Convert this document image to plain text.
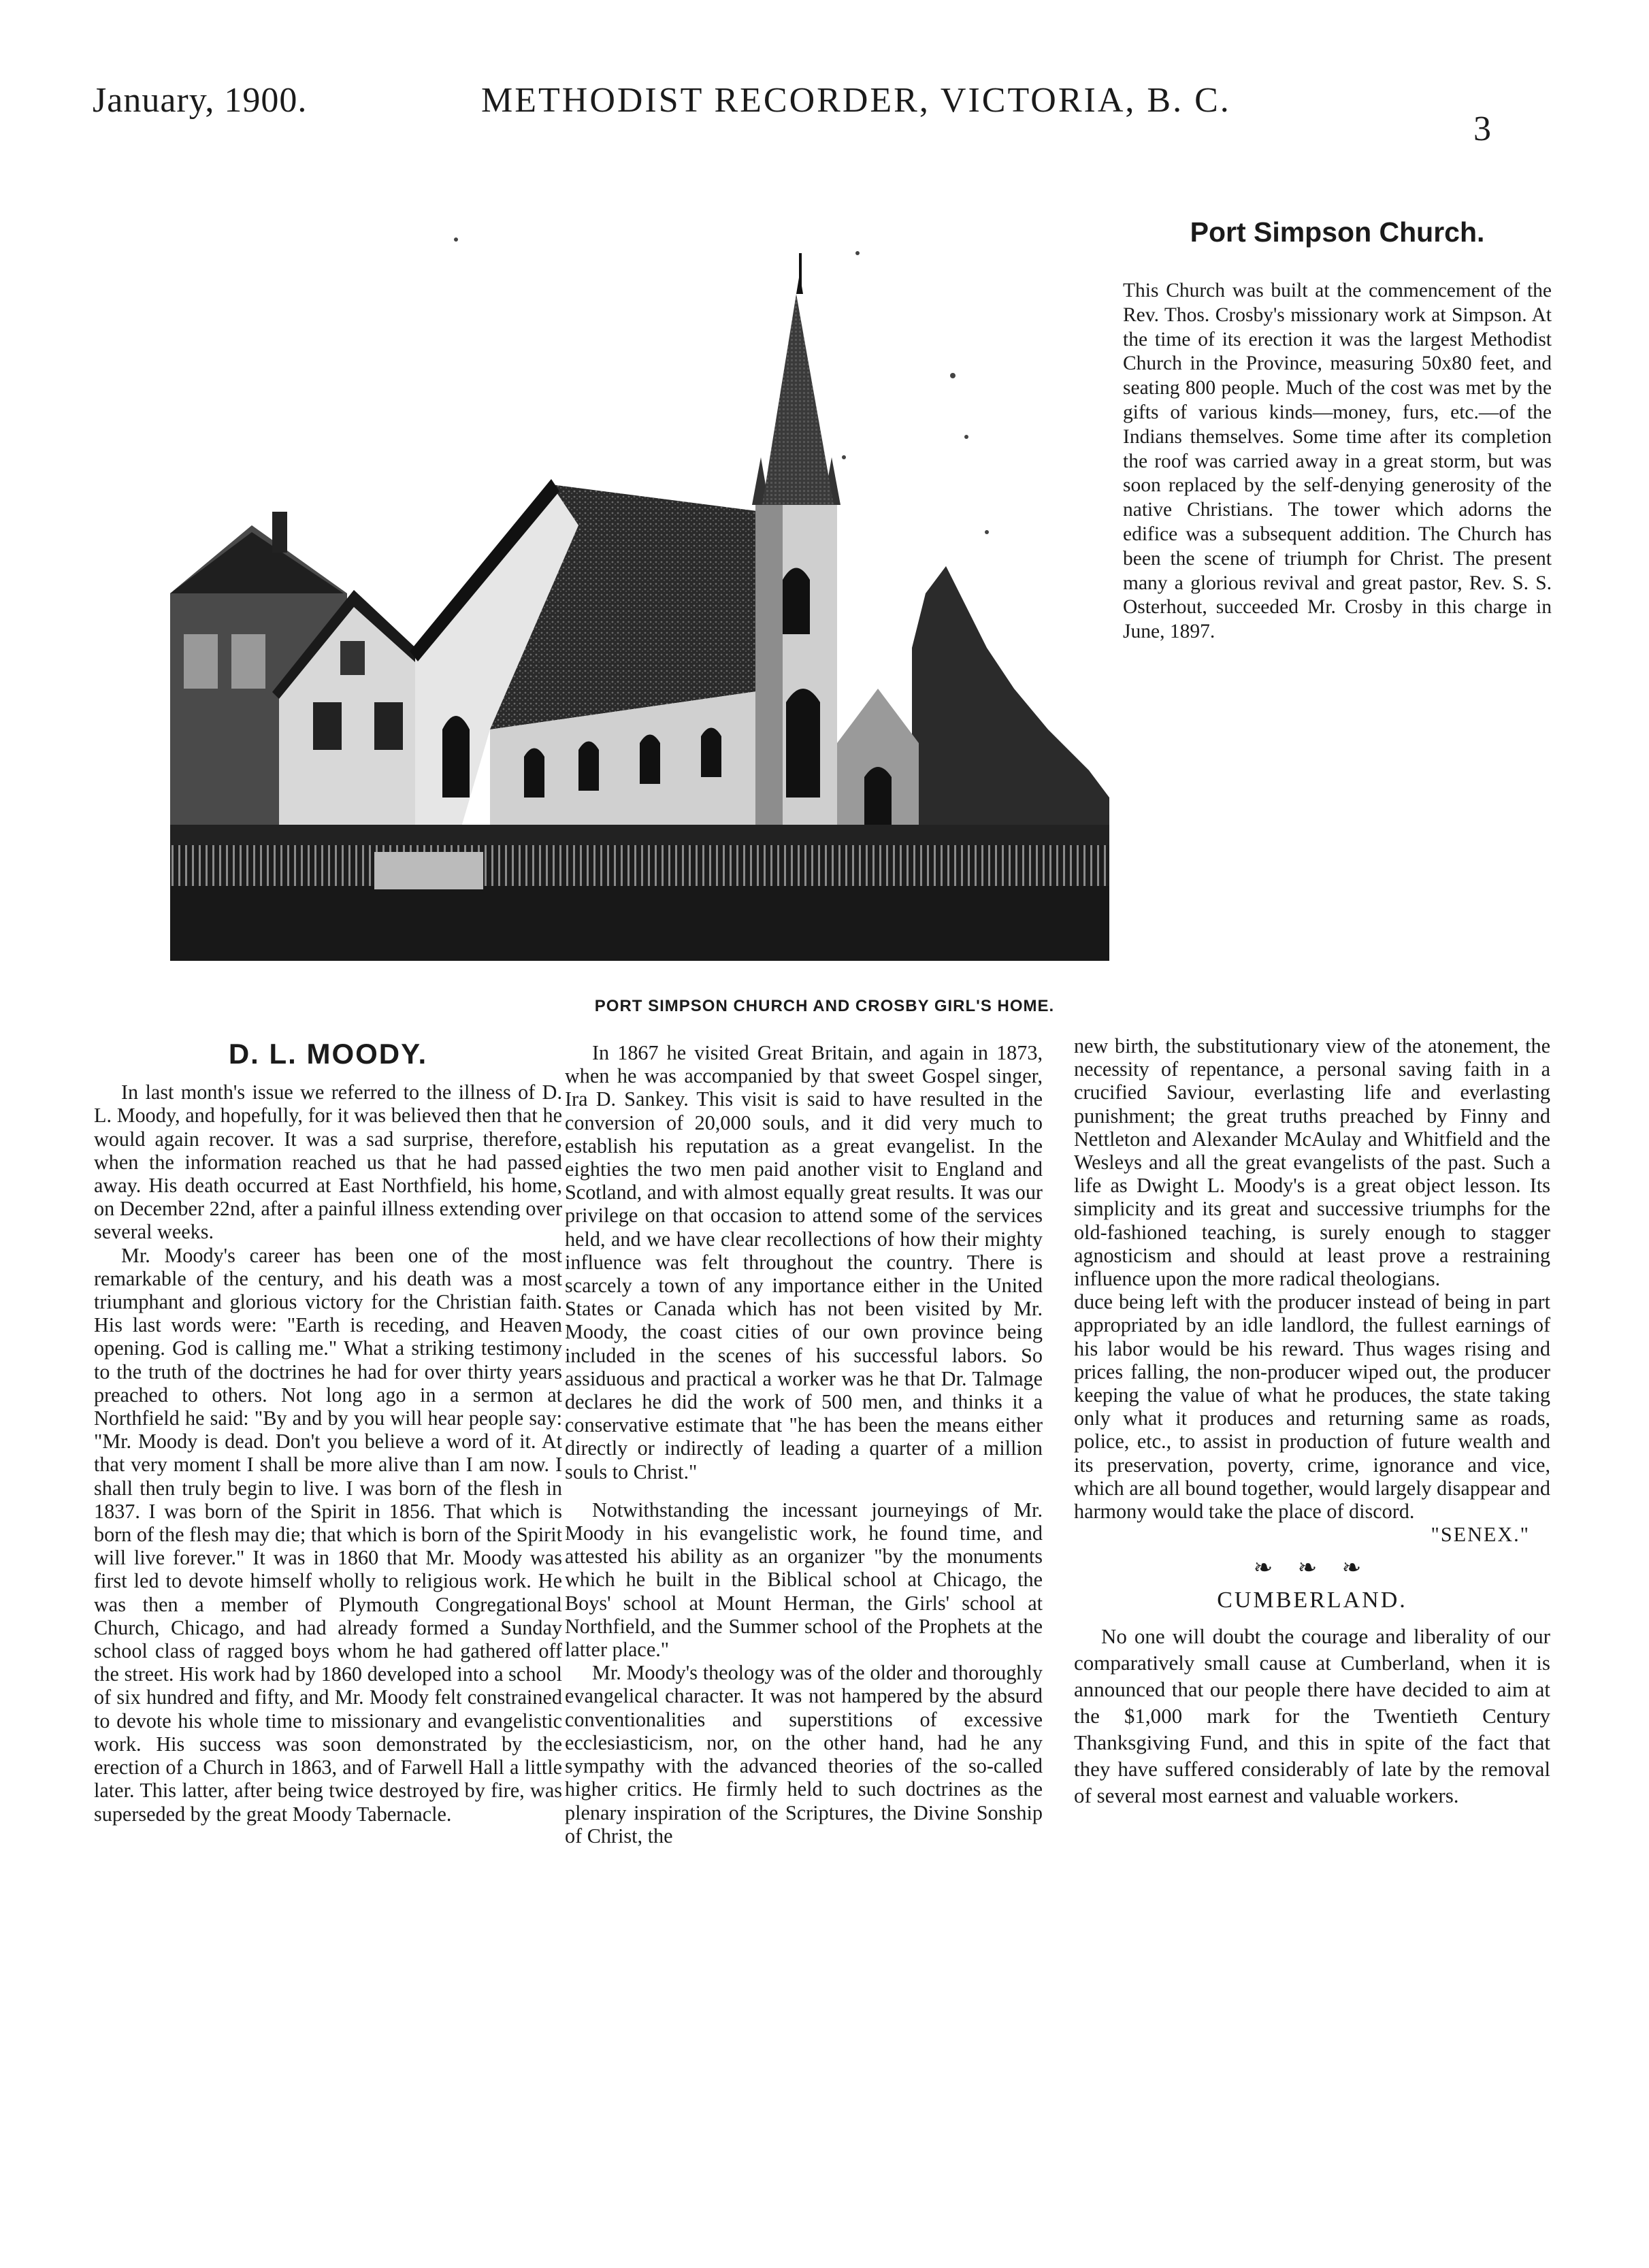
January, 1900.	METHODIST RECORDER, VICTORIA, B. C.
3
PORT SIMPSON CHURCH AND CROSBY GIRL'S HOME.
Port Simpson Church.
This Church was built at the commencement of the Rev. Thos. Crosby's missionary work at Simpson. At the time of its erection it was the largest Methodist Church in the Province, measuring 50x80 feet, and seating 800 people. Much of the cost was met by the gifts of various kinds—money, furs, etc.—of the Indians themselves. Some time after its completion the roof was carried away in a great storm, but was soon replaced by the self-denying generosity of the native Christians. The tower which adorns the edifice was a subsequent addition. The Church has been the scene of triumph for Christ. The present many a glorious revival and great pastor, Rev. S. S. Osterhout, succeeded Mr. Crosby in this charge in June, 1897.
D. L. MOODY.

In last month's issue we referred to the illness of D. L. Moody, and hopefully, for it was believed then that he would again recover. It was a sad surprise, therefore, when the information reached us that he had passed away. His death occurred at East Northfield, his home, on December 22nd, after a painful illness extending over several weeks.

Mr. Moody's career has been one of the most remarkable of the century, and his death was a most triumphant and glorious victory for the Christian faith. His last words were: "Earth is receding, and Heaven opening. God is calling me." What a striking testimony to the truth of the doctrines he had for over thirty years preached to others. Not long ago in a sermon at Northfield he said: "By and by you will hear people say: "Mr. Moody is dead. Don't you believe a word of it. At that very moment I shall be more alive than I am now. I shall then truly begin to live. I was born of the flesh in 1837. I was born of the Spirit in 1856. That which is born of the flesh may die; that which is born of the Spirit will live forever." It was in 1860 that Mr. Moody was first led to devote himself wholly to religious work. He was then a member of Plymouth Congregational Church, Chicago, and had already formed a Sunday school class of ragged boys whom he had gathered off the street. His work had by 1860 developed into a school of six hundred and fifty, and Mr. Moody felt constrained to devote his whole time to missionary and evangelistic work. His success was soon demonstrated by the erection of a Church in 1863, and of Farwell Hall a little later. This latter, after being twice destroyed by fire, was superseded by the great Moody Tabernacle.

In 1867 he visited Great Britain, and again in 1873, when he was accompanied by that sweet Gospel singer, Ira D. Sankey. This visit is said to have resulted in the conversion of 20,000 souls, and it did very much to establish his reputation as a great evangelist. In the eighties the two men paid another visit to England and Scotland, and with almost equally great results. It was our privilege on that occasion to attend some of the services held, and we have clear recollections of how their mighty influence was felt throughout the country. There is scarcely a town of any importance either in the United States or Canada which has not been visited by Mr. Moody, the coast cities of our own province being included in the scenes of his successful labors. So assiduous and practical a worker was he that Dr. Talmage declares he did the work of 500 men, and thinks it a conservative estimate that "he has been the means either directly or indirectly of leading a quarter of a million souls to Christ."

Notwithstanding the incessant journeyings of Mr. Moody in his evangelistic work, he found time, and attested his ability as an organizer "by the monuments which he built in the Biblical school at Chicago, the Boys' school at Mount Herman, the Girls' school at Northfield, and the Summer school of the Prophets at the latter place."

Mr. Moody's theology was of the older and thoroughly evangelical character. It was not hampered by the absurd conventionalities and superstitions of excessive ecclesiasticism, nor, on the other hand, had he any sympathy with the advanced theories of the so-called higher critics. He firmly held to such doctrines as the plenary inspiration of the Scriptures, the Divine Sonship of Christ, the

new birth, the substitutionary view of the atonement, the necessity of repentance, a personal saving faith in a crucified Saviour, everlasting life and everlasting punishment; the great truths preached by Finny and Nettleton and Alexander McAulay and Whitfield and the Wesleys and all the great evangelists of the past. Such a life as Dwight L. Moody's is a great object lesson. Its simplicity and its great and successive triumphs for the old-fashioned teaching, is surely enough to stagger agnosticism and should at least prove a restraining influence upon the more radical theologians.

duce being left with the producer instead of being in part appropriated by an idle landlord, the fullest earnings of his labor would be his reward. Thus wages rising and prices falling, the non-producer wiped out, the producer keeping the value of what he produces, the state taking only what it produces and returning same as roads, police, etc., to assist in production of future wealth and its preservation, poverty, crime, ignorance and vice, which are all bound together, would largely disappear and harmony would take the place of discord.

"SENEX."

❧ ❧ ❧
CUMBERLAND.

No one will doubt the courage and liberality of our comparatively small cause at Cumberland, when it is announced that our people there have decided to aim at the $1,000 mark for the Twentieth Century Thanksgiving Fund, and this in spite of the fact that they have suffered considerably of late by the removal of several most earnest and valuable workers.
